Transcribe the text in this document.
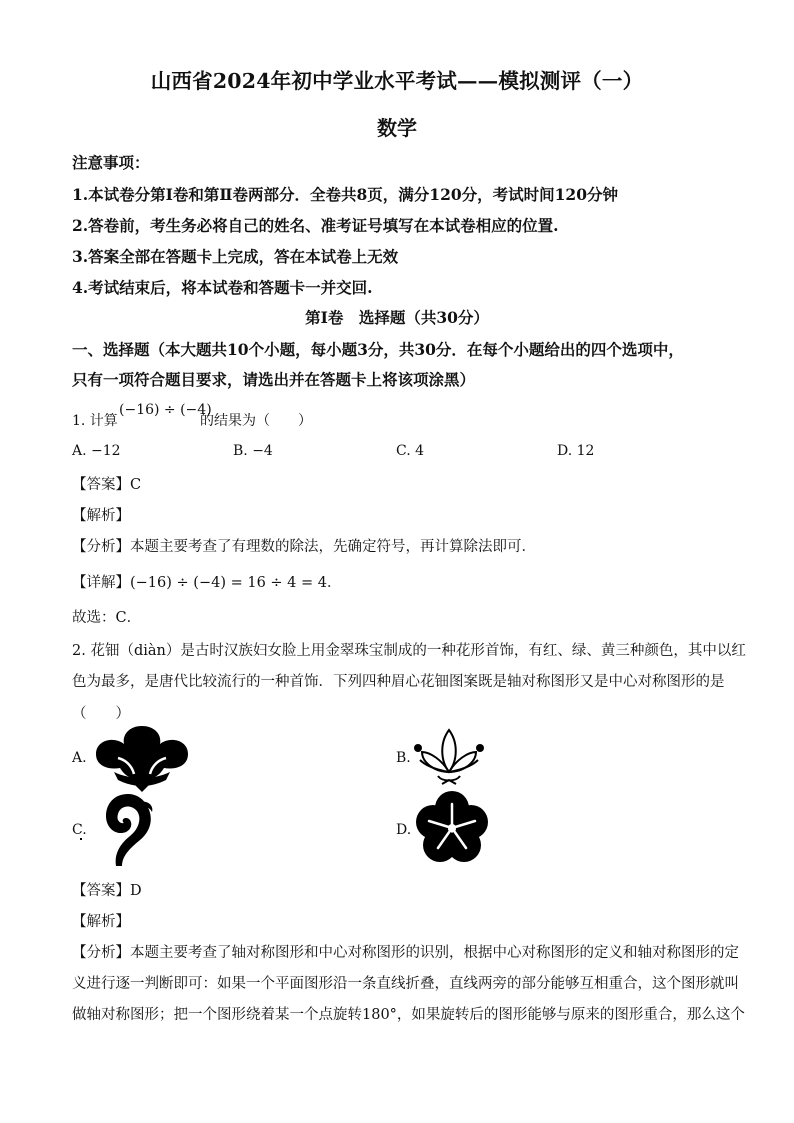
山西省2024年初中学业水平考试——模拟测评（一）
数学
注意事项：
1.本试卷分第Ⅰ卷和第Ⅱ卷两部分．全卷共8页，满分120分，考试时间120分钟
2.答卷前，考生务必将自己的姓名、准考证号填写在本试卷相应的位置.
3.答案全部在答题卡上完成，答在本试卷上无效
4.考试结束后，将本试卷和答题卡一并交回.
第Ⅰ卷　选择题（共30分）
一、选择题（本大题共10个小题，每小题3分，共30分．在每个小题给出的四个选项中，
只有一项符合题目要求，请选出并在答题卡上将该项涂黑）
1. 计算
(−16) ÷ (−4)
的结果为（　　）
A. −12	B. −4	C. 4	D. 12
【答案】C
【解析】
【分析】本题主要考查了有理数的除法，先确定符号，再计算除法即可．
【详解】(−16) ÷ (−4) = 16 ÷ 4 = 4．
故选：C．
2. 花钿（diàn）是古时汉族妇女脸上用金翠珠宝制成的一种花形首饰，有红、绿、黄三种颜色，其中以红
色为最多，是唐代比较流行的一种首饰．下列四种眉心花钿图案既是轴对称图形又是中心对称图形的是
（　　）
A.	B.
C.	D.
【答案】D
【解析】
【分析】本题主要考查了轴对称图形和中心对称图形的识别，根据中心对称图形的定义和轴对称图形的定
义进行逐一判断即可：如果一个平面图形沿一条直线折叠，直线两旁的部分能够互相重合，这个图形就叫
做轴对称图形；把一个图形绕着某一个点旋转180°，如果旋转后的图形能够与原来的图形重合，那么这个
